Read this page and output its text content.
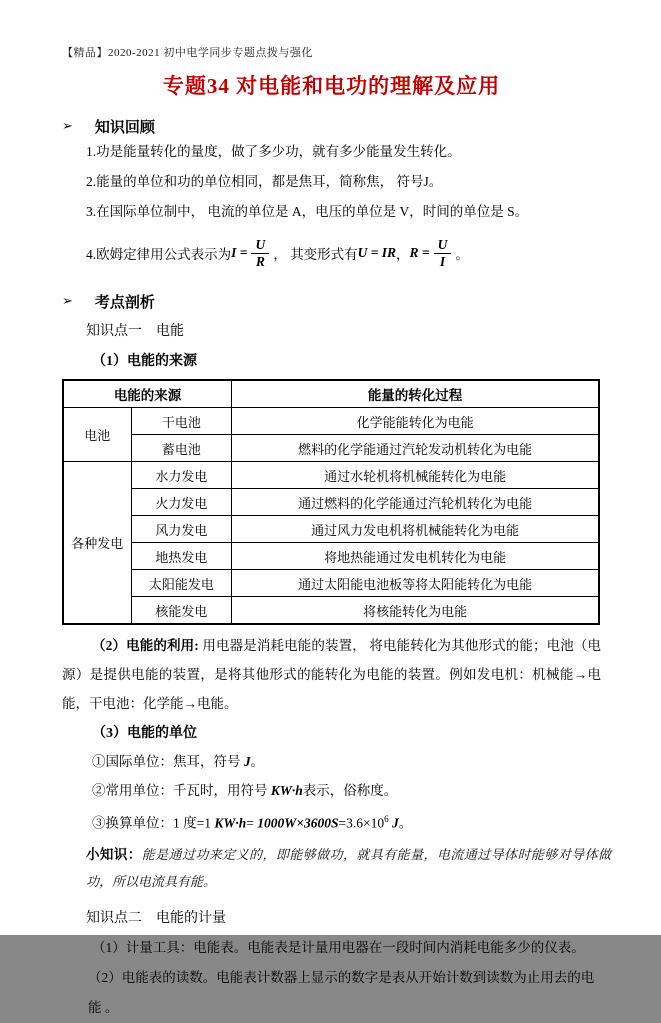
【精品】2020-2021 初中电学同步专题点拨与强化
专题34 对电能和电功的理解及应用
➢ 知识回顾
1.功是能量转化的量度，做了多少功，就有多少能量发生转化。
2.能量的单位和功的单位相同，都是焦耳，简称焦， 符号J。
3.在国际单位制中， 电流的单位是 A，电压的单位是 V，时间的单位是 S。
4.欧姆定律用公式表示为 $I = \frac{U}{R}$ ， 其变形式有 U = IR ， $R = \frac{U}{I}$ 。
➢ 考点剖析
知识点一　电能
（1）电能的来源
电能的来源		能量的转化过程
电池	干电池	化学能能转化为电能
	蓄电池	燃料的化学能通过汽轮发动机转化为电能
各种发电	水力发电	通过水轮机将机械能转化为电能
	火力发电	通过燃料的化学能通过汽轮机转化为电能
	风力发电	通过风力发电机将机械能转化为电能
	地热发电	将地热能通过发电机转化为电能
	太阳能发电	通过太阳能电池板等将太阳能转化为电能
	核能发电	将核能转化为电能
（2）电能的利用: 用电器是消耗电能的装置， 将电能转化为其他形式的能；电池（电源）是提供电能的装置，是将其他形式的能转化为电能的装置。例如发电机：机械能→电能，干电池：化学能→电能。
（3）电能的单位
①国际单位：焦耳，符号 J。
②常用单位：千瓦时，用符号 KW·h表示，俗称度。
③换算单位：1 度=1 $KW\cdot h= 1000W\times 3600S=3.6\times 10^6$ J。
小知识：能是通过功来定义的，即能够做功，就具有能量，电流通过导体时能够对导体做功，所以电流具有能。
知识点二　电能的计量
（1）计量工具：电能表。电能表是计量用电器在一段时间内消耗电能多少的仪表。
（2）电能表的读数。电能表计数器上显示的数字是表从开始计数到读数为止用去的电能 。
